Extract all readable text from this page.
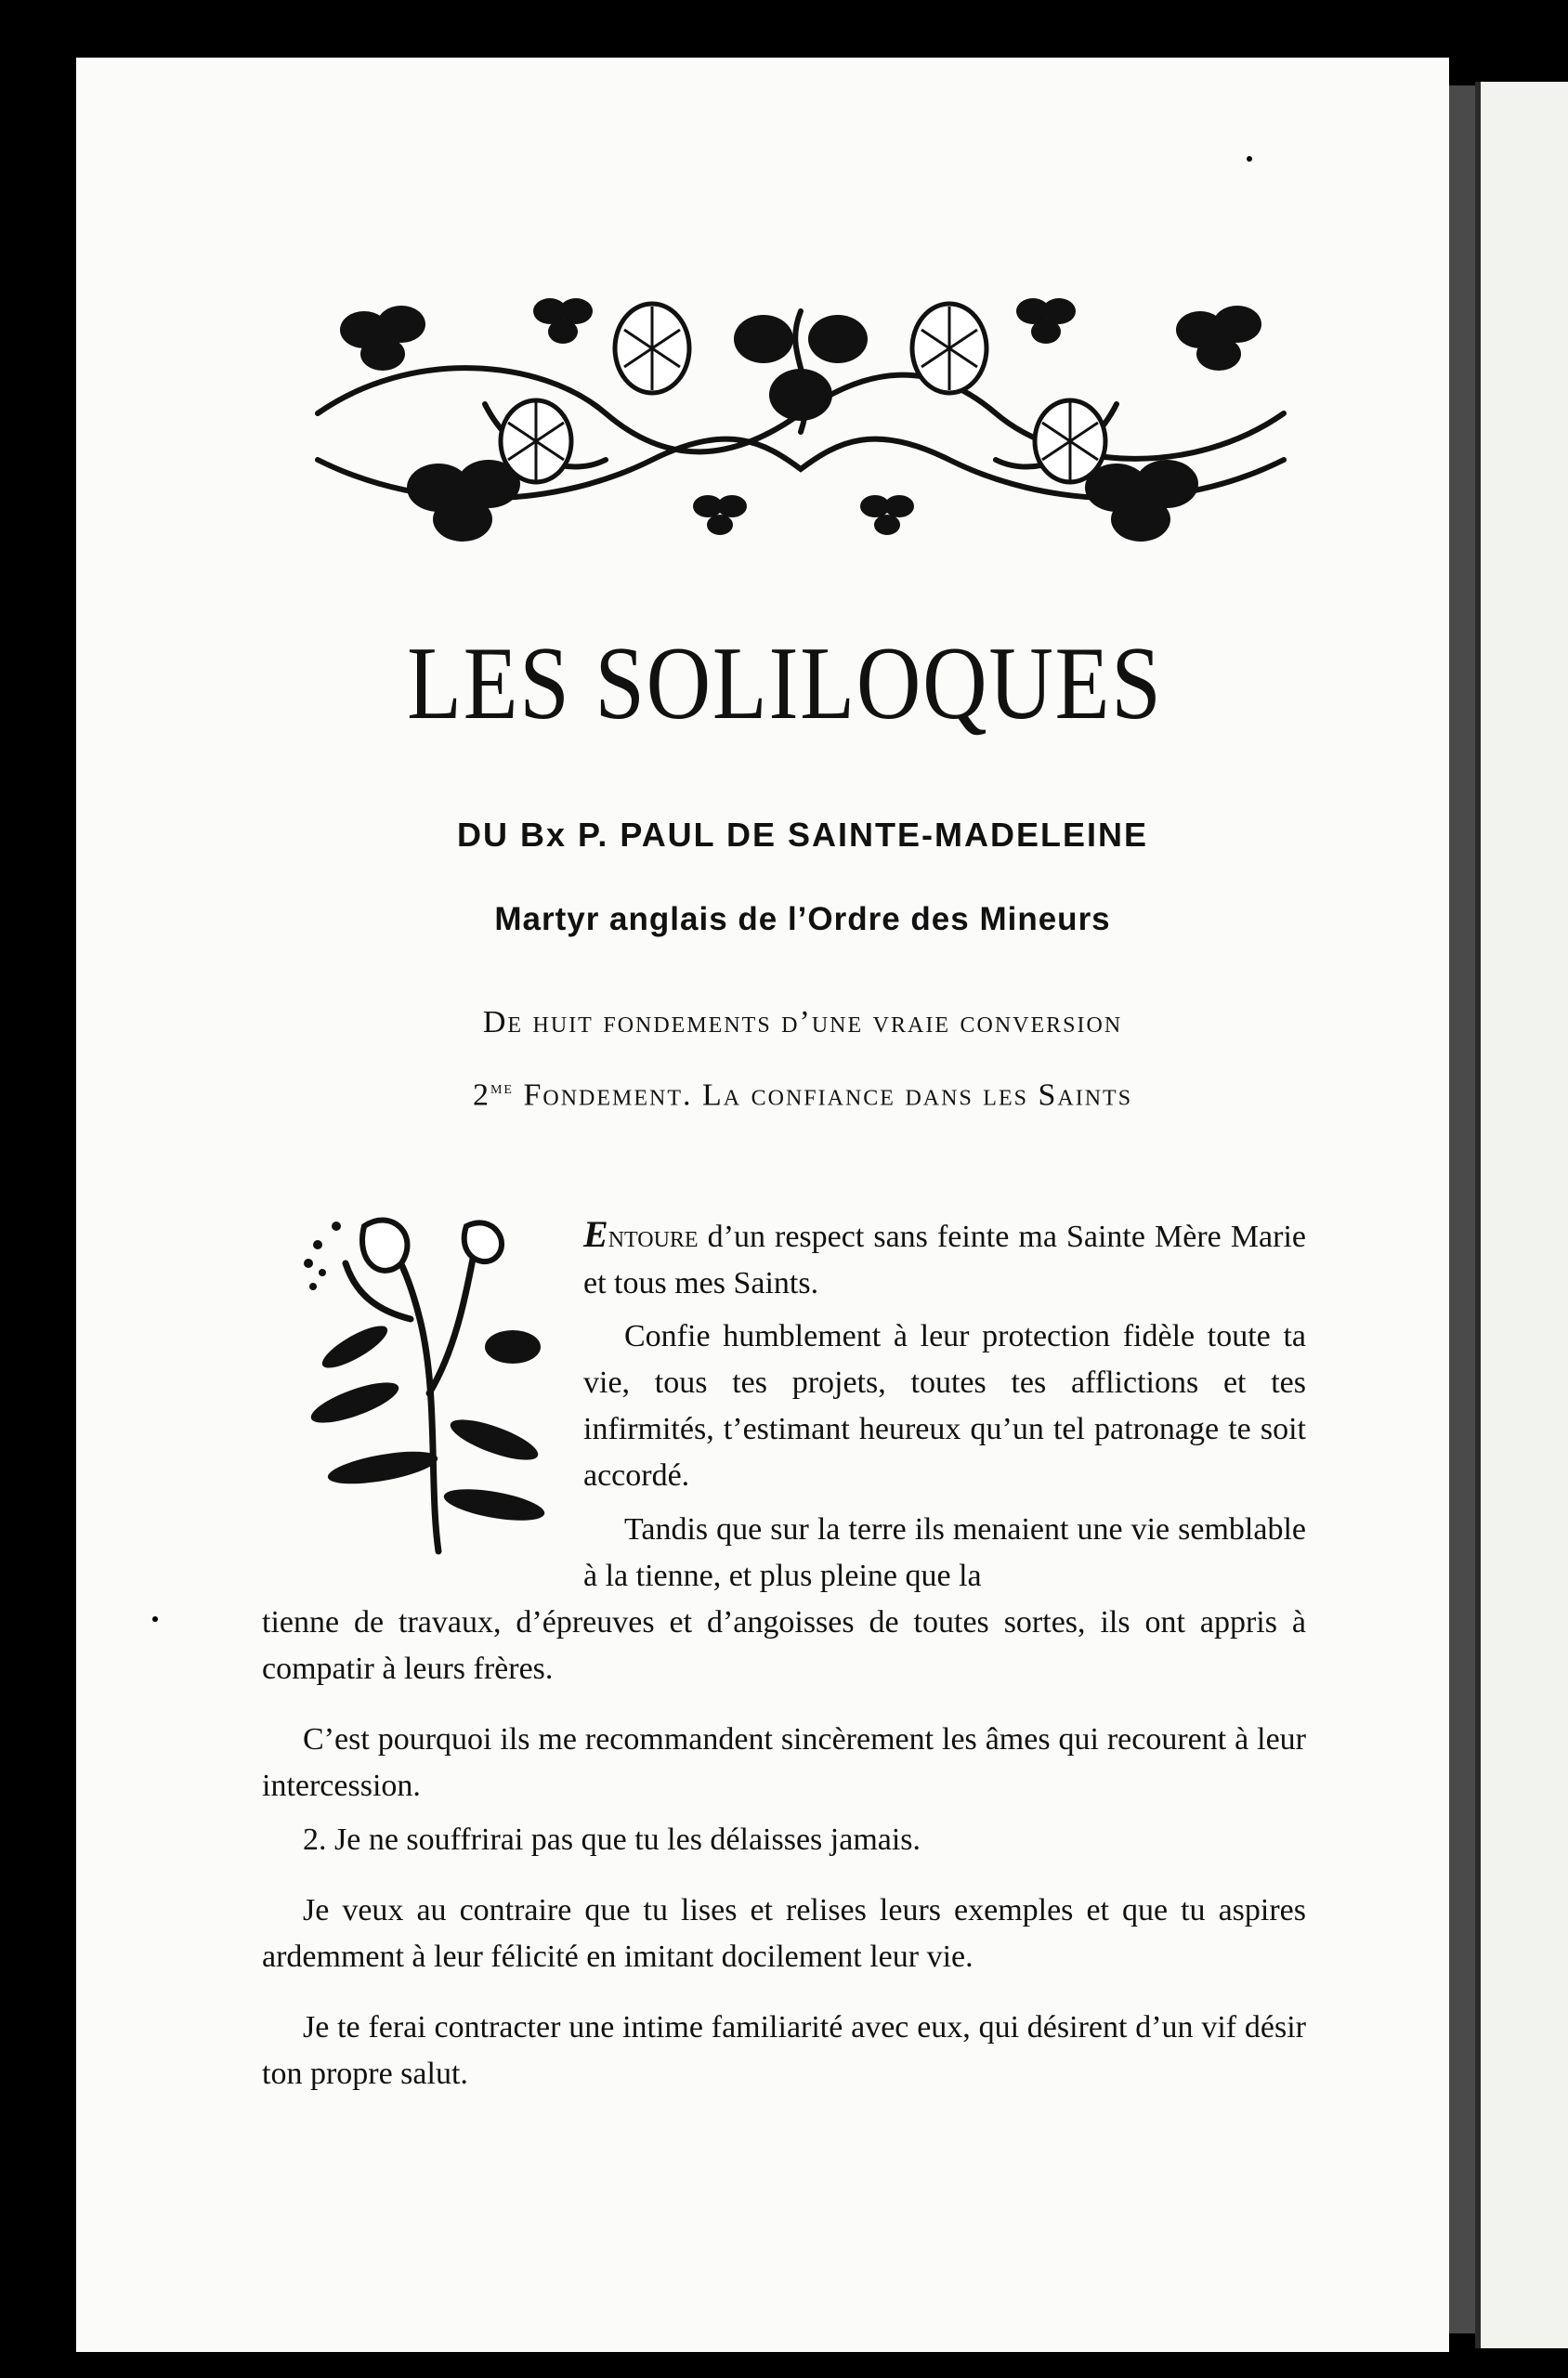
LES SOLILOQUES
DU Bx P. PAUL DE SAINTE-MADELEINE
Martyr anglais de l’Ordre des Mineurs
De huit fondements d’une vraie conversion
$2^{me}$ Fondement. La confiance dans les Saints
Entoure d’un respect sans feinte ma Sainte Mère Marie et tous mes Saints.
Confie humblement à leur protection fidèle toute ta vie, tous tes projets, toutes tes afflictions et tes infirmités, t’estimant heureux qu’un tel patronage te soit accordé.
Tandis que sur la terre ils menaient une vie semblable à la tienne, et plus pleine que la
tienne de travaux, d’épreuves et d’angoisses de toutes sortes, ils ont appris à compatir à leurs frères.
C’est pourquoi ils me recommandent sincèrement les âmes qui recourent à leur intercession.
2. Je ne souffrirai pas que tu les délaisses jamais.
Je veux au contraire que tu lises et relises leurs exemples et que tu aspires ardemment à leur félicité en imitant docilement leur vie.
Je te ferai contracter une intime familiarité avec eux, qui désirent d’un vif désir ton propre salut.
